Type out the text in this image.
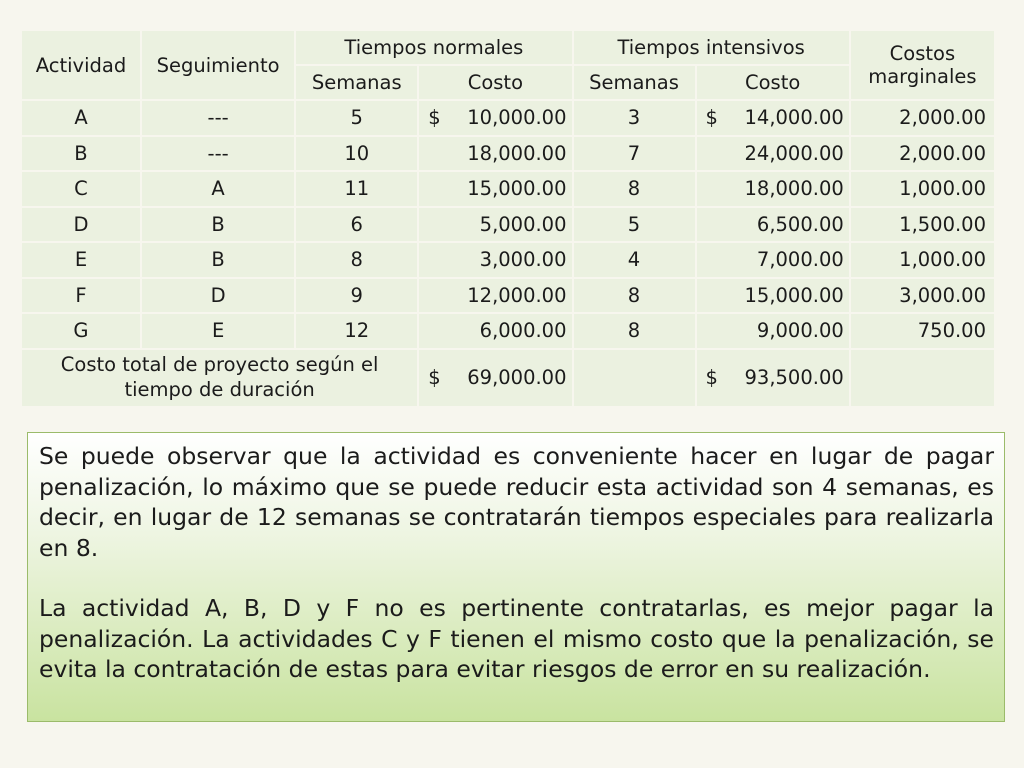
Actividad	Seguimiento	Tiempos normales		Tiempos intensivos		Costos marginales
		Semanas	Costo	Semanas	Costo	
A	---	5	$ 10,000.00	3	$ 14,000.00	2,000.00
B	---	10	18,000.00	7	24,000.00	2,000.00
C	A	11	15,000.00	8	18,000.00	1,000.00
D	B	6	5,000.00	5	6,500.00	1,500.00
E	B	8	3,000.00	4	7,000.00	1,000.00
F	D	9	12,000.00	8	15,000.00	3,000.00
G	E	12	6,000.00	8	9,000.00	750.00
Costo total de proyecto según el tiempo de duración			$ 69,000.00		$ 93,500.00	

Se puede observar que la actividad es conveniente hacer en lugar de pagar penalización, lo máximo que se puede reducir esta actividad son 4 semanas, es decir, en lugar de 12 semanas se contratarán tiempos especiales para realizarla en 8.

La actividad A, B, D y F no es pertinente contratarlas, es mejor pagar la penalización. La actividades C y F tienen el mismo costo que la penalización, se evita la contratación de estas para evitar riesgos de error en su realización.
